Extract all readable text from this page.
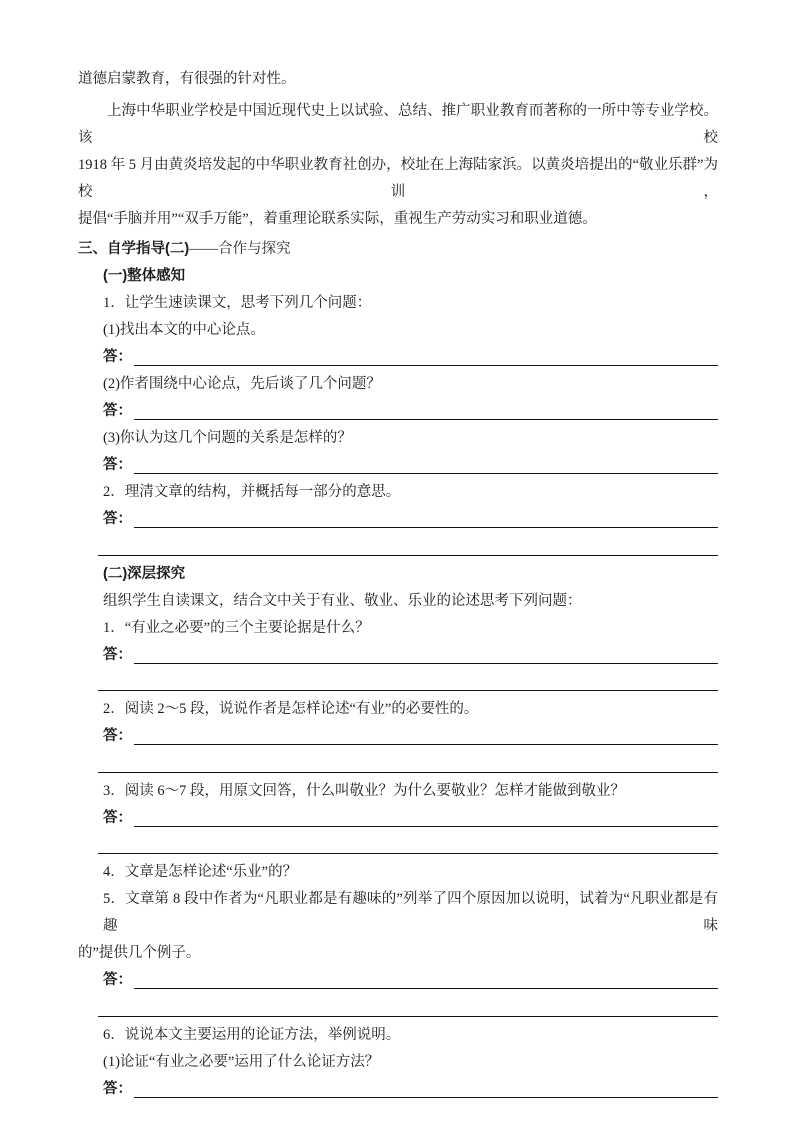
道德启蒙教育，有很强的针对性。
上海中华职业学校是中国近现代史上以试验、总结、推广职业教育而著称的一所中等专业学校。该校
1918 年 5 月由黄炎培发起的中华职业教育社创办，校址在上海陆家浜。以黄炎培提出的“敬业乐群”为校训，
提倡“手脑并用”“双手万能”，着重理论联系实际，重视生产劳动实习和职业道德。
三、自学指导(二)——合作与探究
(一)整体感知
1．让学生速读课文，思考下列几个问题：
(1)找出本文的中心论点。
答：
(2)作者围绕中心论点，先后谈了几个问题？
答：
(3)你认为这几个问题的关系是怎样的？
答：
2．理清文章的结构，并概括每一部分的意思。
答：
(二)深层探究
组织学生自读课文，结合文中关于有业、敬业、乐业的论述思考下列问题：
1．“有业之必要”的三个主要论据是什么？
答：
2．阅读 2～5 段，说说作者是怎样论述“有业”的必要性的。
答：
3．阅读 6～7 段，用原文回答，什么叫敬业？为什么要敬业？怎样才能做到敬业？
答：
4．文章是怎样论述“乐业”的？
5．文章第 8 段中作者为“凡职业都是有趣味的”列举了四个原因加以说明，试着为“凡职业都是有趣味
的”提供几个例子。
答：
6．说说本文主要运用的论证方法，举例说明。
(1)论证“有业之必要”运用了什么论证方法？
答：
